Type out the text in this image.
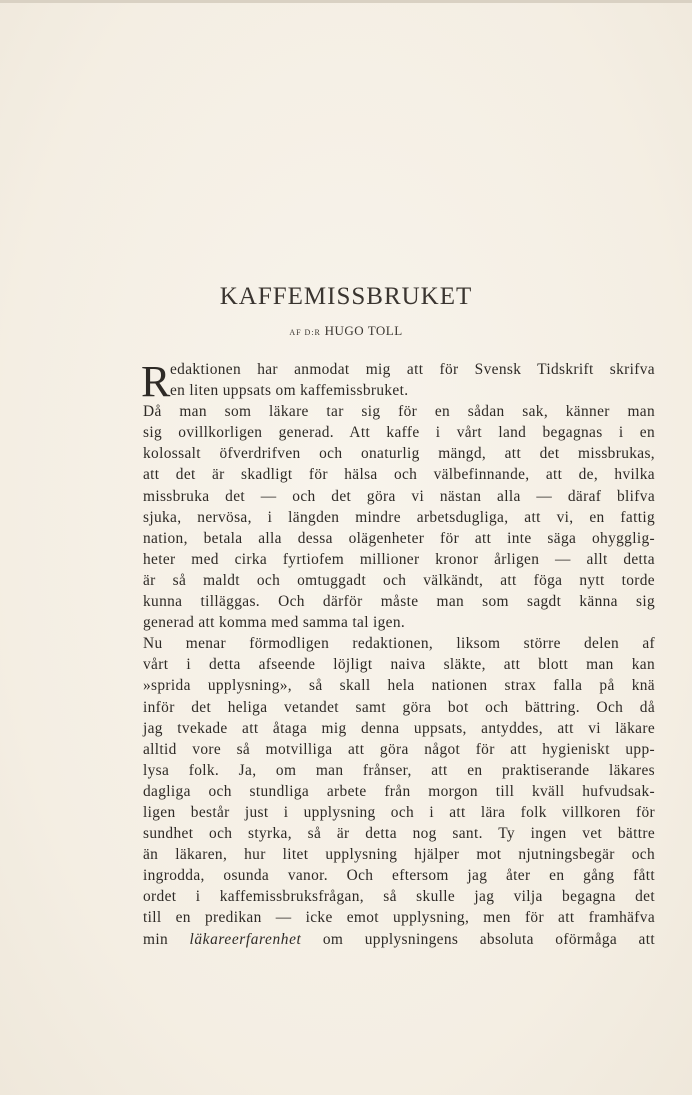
KAFFEMISSBRUKET
AF D:R HUGO TOLL
R edaktionen har anmodat mig att för Svensk Tidskrift skrifva
en liten uppsats om kaffemissbruket.
Då man som läkare tar sig för en sådan sak, känner man
sig ovillkorligen generad. Att kaffe i vårt land begagnas i en
kolossalt öfverdrifven och onaturlig mängd, att det missbrukas,
att det är skadligt för hälsa och välbefinnande, att de, hvilka
missbruka det — och det göra vi nästan alla — däraf blifva
sjuka, nervösa, i längden mindre arbetsdugliga, att vi, en fattig
nation, betala alla dessa olägenheter för att inte säga ohygglig-
heter med cirka fyrtiofem millioner kronor årligen — allt detta
är så maldt och omtuggadt och välkändt, att föga nytt torde
kunna tilläggas. Och därför måste man som sagdt känna sig
generad att komma med samma tal igen.
Nu menar förmodligen redaktionen, liksom större delen af
vårt i detta afseende löjligt naiva släkte, att blott man kan
»sprida upplysning», så skall hela nationen strax falla på knä
inför det heliga vetandet samt göra bot och bättring. Och då
jag tvekade att åtaga mig denna uppsats, antyddes, att vi läkare
alltid vore så motvilliga att göra något för att hygieniskt upp-
lysa folk. Ja, om man frånser, att en praktiserande läkares
dagliga och stundliga arbete från morgon till kväll hufvudsak-
ligen består just i upplysning och i att lära folk villkoren för
sundhet och styrka, så är detta nog sant. Ty ingen vet bättre
än läkaren, hur litet upplysning hjälper mot njutningsbegär och
ingrodda, osunda vanor. Och eftersom jag åter en gång fått
ordet i kaffemissbruksfrågan, så skulle jag vilja begagna det
till en predikan — icke emot upplysning, men för att framhäfva
min läkareerfarenhet om upplysningens absoluta oförmåga att
